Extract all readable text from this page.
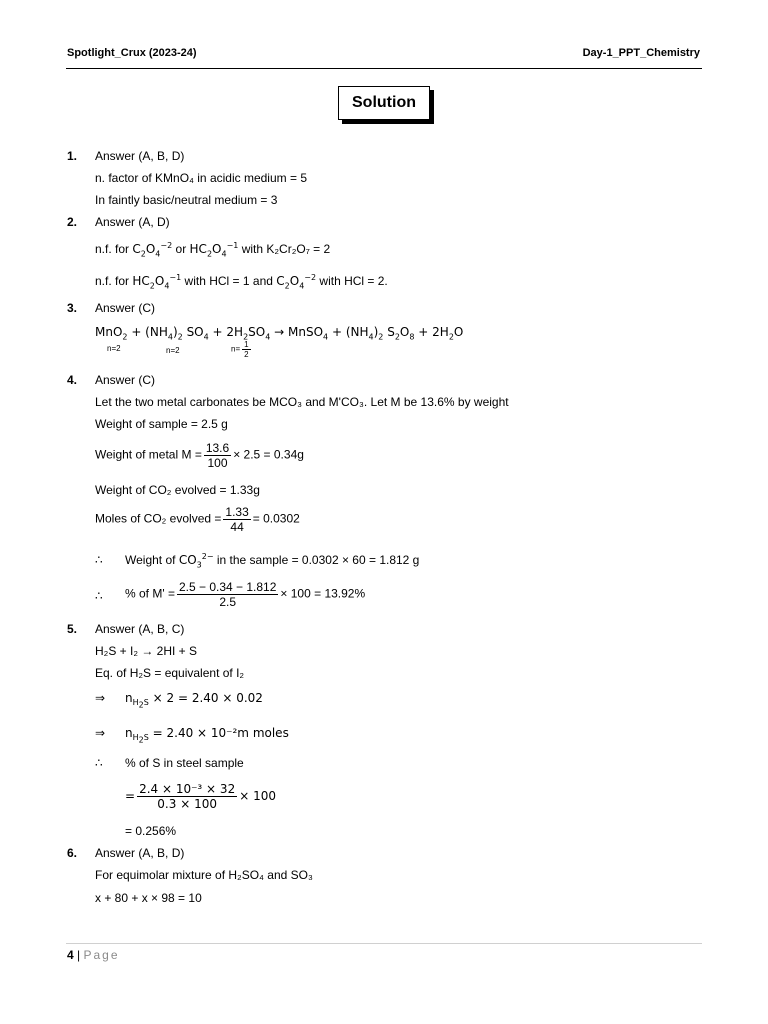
Spotlight_Crux (2023-24)	Day-1_PPT_Chemistry
Solution
1. Answer (A, B, D)
n. factor of KMnO₄ in acidic medium = 5
In faintly basic/neutral medium = 3
2. Answer (A, D)
n.f. for $C_2O_4^{-2}$ or $HC_2O_4^{-1}$ with K₂Cr₂O₇ = 2
n.f. for $HC_2O_4^{-1}$ with HCl = 1 and $C_2O_4^{-2}$ with HCl = 2.
3. Answer (C)
$MnO_2 + (NH_4)_2$ $SO_4 + 2H_2SO_4$ → MnSO$_4$ + $(NH_4)_2$ $S_2O_8 + 2H_2O$
n=2	n=2	$n= \frac{1}{2}$
4. Answer (C)
Let the two metal carbonates be MCO₃ and M'CO₃. Let M be 13.6% by weight
Weight of sample = 2.5 g
Weight of metal $M = \frac{13.6}{100} \times 2.5 = 0.34g$
Weight of CO₂ evolved = 1.33g
Moles of CO₂ evolved = $\frac{1.33}{44} = 0.0302$
∴ Weight of $CO_3^{2-}$ in the sample = 0.0302 × 60 = 1.812 g
∴ % of $M' = \frac{2.5 - 0.34 - 1.812}{2.5} \times 100 = 13.92\%$
5. Answer (A, B, C)
H₂S + I₂ → 2HI + S
Eq. of H₂S = equivalent of I₂
⇒ $n_{H_2S} \times 2 = 2.40 \times 0.02$
⇒ $n_{H_2S} = 2.40 \times 10^{-2}m$ moles
∴ % of S in steel sample
= $\frac{\text{2.4 × 10⁻³ × 32}}{0.3 \times 100} \times 100$
= 0.256%
6. Answer (A, B, D)
For equimolar mixture of H₂SO₄ and SO₃
x + 80 + x × 98 = 10
4 | Page
